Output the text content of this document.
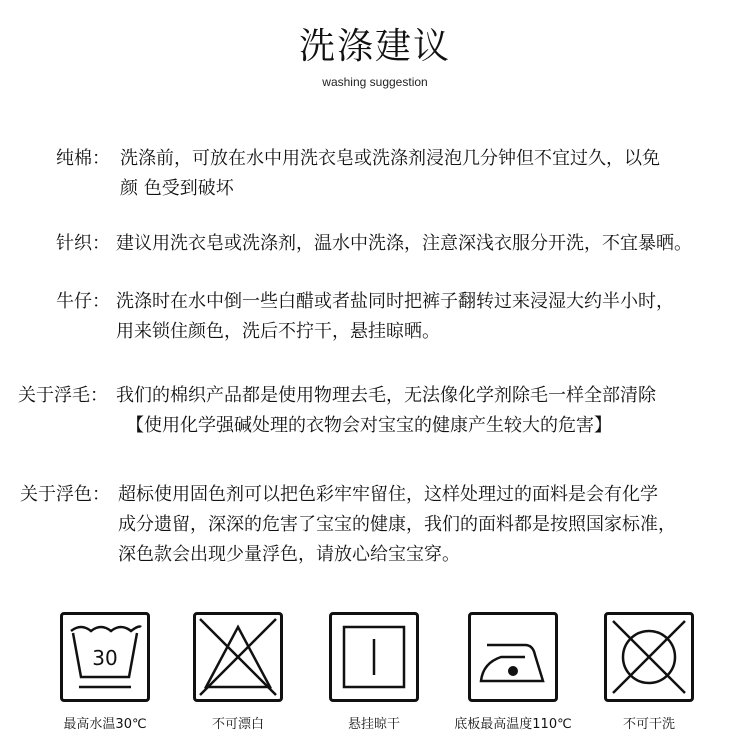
洗涤建议
washing suggestion
纯棉： 洗涤前，可放在水中用洗衣皂或洗涤剂浸泡几分钟但不宜过久，以免
颜 色受到破坏
针织： 建议用洗衣皂或洗涤剂，温水中洗涤，注意深浅衣服分开洗，不宜暴晒。
牛仔： 洗涤时在水中倒一些白醋或者盐同时把裤子翻转过来浸湿大约半小时，
用来锁住颜色，洗后不拧干，悬挂晾晒。
关于浮毛： 我们的棉织产品都是使用物理去毛，无法像化学剂除毛一样全部清除
【使用化学强碱处理的衣物会对宝宝的健康产生较大的危害】
关于浮色： 超标使用固色剂可以把色彩牢牢留住，这样处理过的面料是会有化学
成分遗留，深深的危害了宝宝的健康，我们的面料都是按照国家标准，
深色款会出现少量浮色，请放心给宝宝穿。
30
最高水温30℃	不可漂白	悬挂晾干	底板最高温度110℃	不可干洗
